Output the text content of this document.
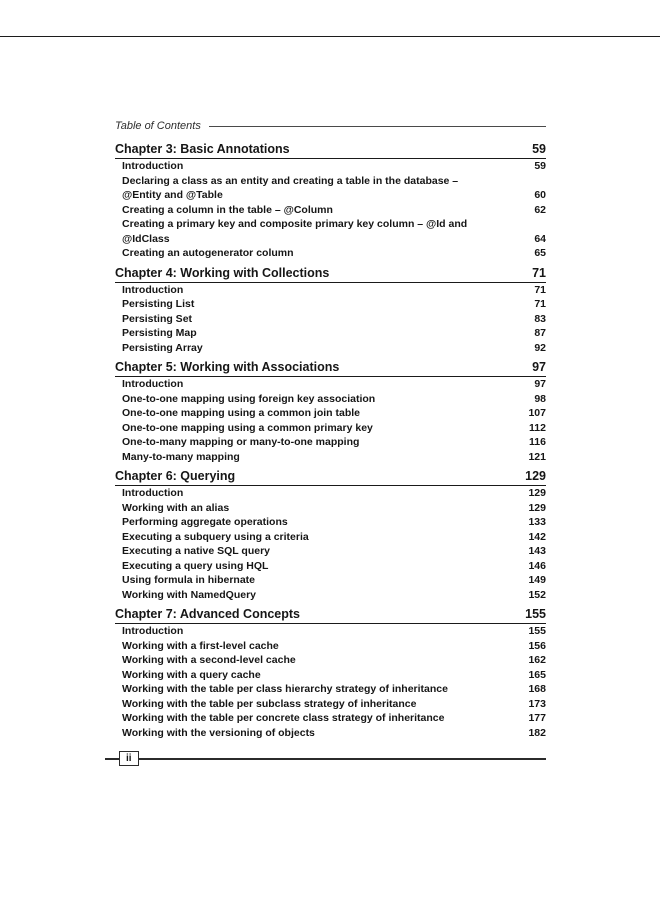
Table of Contents
Chapter 3: Basic Annotations	59
Introduction	59
Declaring a class as an entity and creating a table in the database –
@Entity and @Table	60
Creating a column in the table – @Column	62
Creating a primary key and composite primary key column – @Id and
@IdClass	64
Creating an autogenerator column	65
Chapter 4: Working with Collections	71
Introduction	71
Persisting List	71
Persisting Set	83
Persisting Map	87
Persisting Array	92
Chapter 5: Working with Associations	97
Introduction	97
One-to-one mapping using foreign key association	98
One-to-one mapping using a common join table	107
One-to-one mapping using a common primary key	112
One-to-many mapping or many-to-one mapping	116
Many-to-many mapping	121
Chapter 6: Querying	129
Introduction	129
Working with an alias	129
Performing aggregate operations	133
Executing a subquery using a criteria	142
Executing a native SQL query	143
Executing a query using HQL	146
Using formula in hibernate	149
Working with NamedQuery	152
Chapter 7: Advanced Concepts	155
Introduction	155
Working with a first-level cache	156
Working with a second-level cache	162
Working with a query cache	165
Working with the table per class hierarchy strategy of inheritance	168
Working with the table per subclass strategy of inheritance	173
Working with the table per concrete class strategy of inheritance	177
Working with the versioning of objects	182
ii
